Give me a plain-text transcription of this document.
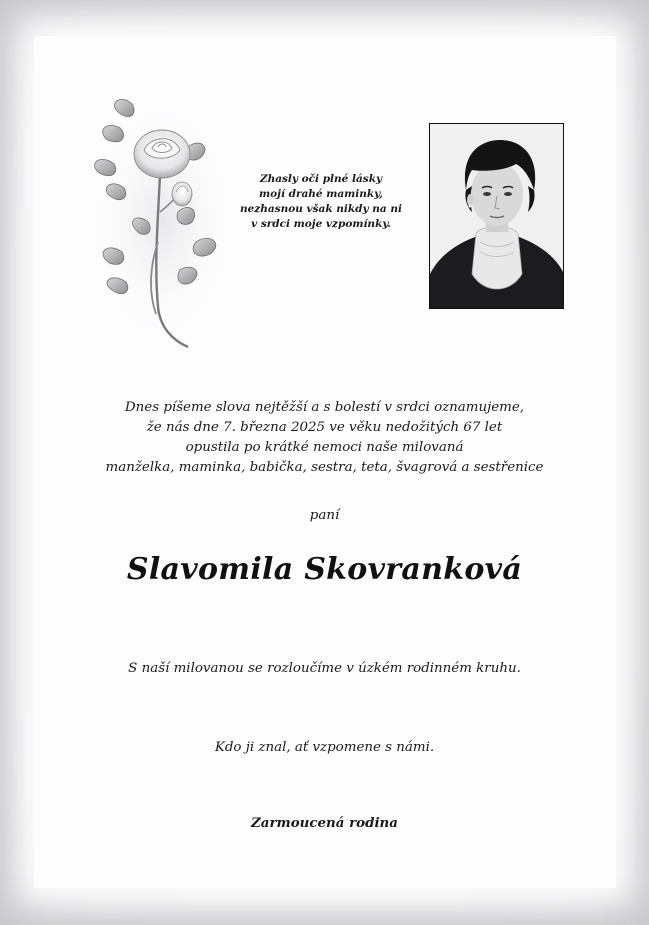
Zhasly oči plné lásky
mojí drahé maminky,
nezhasnou však nikdy na ni
v srdci moje vzpomínky.
Dnes píšeme slova nejtěžší a s bolestí v srdci oznamujeme,
že nás dne 7. března 2025 ve věku nedožitých 67 let
opustila po krátké nemoci naše milovaná
manželka, maminka, babička, sestra, teta, švagrová a sestřenice
paní
Slavomila Skovranková
S naší milovanou se rozloučíme v úzkém rodinném kruhu.
Kdo ji znal, ať vzpomene s námi.
Zarmoucená rodina
